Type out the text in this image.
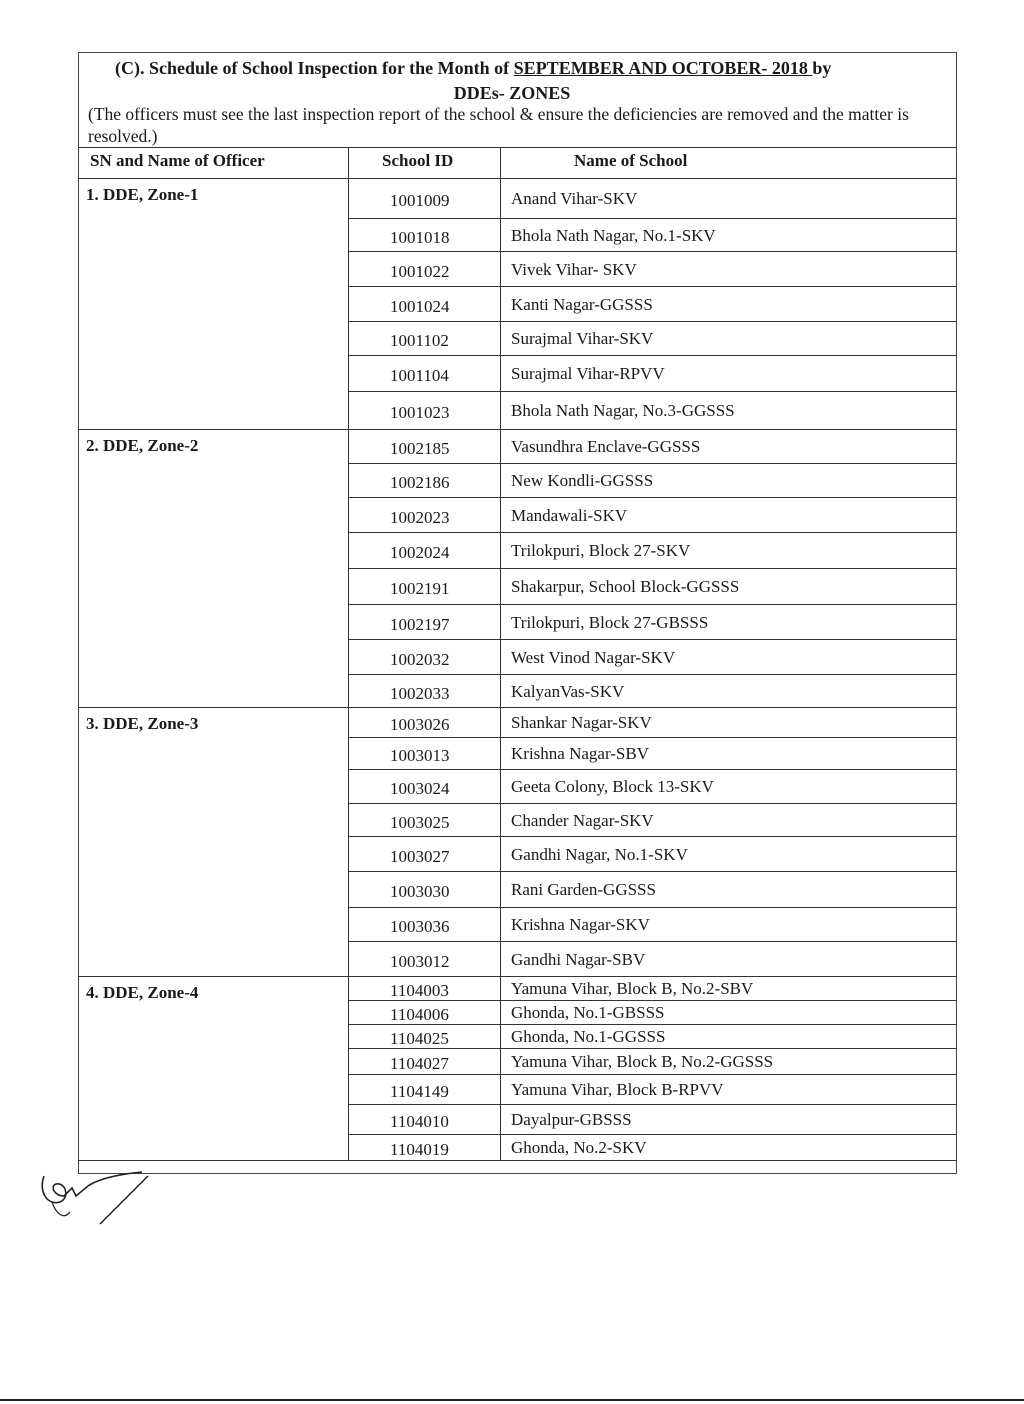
(C). Schedule of School Inspection for the Month of SEPTEMBER AND OCTOBER- 2018 by
DDEs- ZONES
(The officers must see the last inspection report of the school & ensure the deficiencies are removed and the matter is resolved.)
SN and Name of Officer	School ID	Name of School
1. DDE, Zone-1	1001009	Anand Vihar-SKV
1001018	Bhola Nath Nagar, No.1-SKV
1001022	Vivek Vihar- SKV
1001024	Kanti Nagar-GGSSS
1001102	Surajmal Vihar-SKV
1001104	Surajmal Vihar-RPVV
1001023	Bhola Nath Nagar, No.3-GGSSS
2. DDE, Zone-2	1002185	Vasundhra Enclave-GGSSS
1002186	New Kondli-GGSSS
1002023	Mandawali-SKV
1002024	Trilokpuri, Block 27-SKV
1002191	Shakarpur, School Block-GGSSS
1002197	Trilokpuri, Block 27-GBSSS
1002032	West Vinod Nagar-SKV
1002033	KalyanVas-SKV
3. DDE, Zone-3	1003026	Shankar Nagar-SKV
1003013	Krishna Nagar-SBV
1003024	Geeta Colony, Block 13-SKV
1003025	Chander Nagar-SKV
1003027	Gandhi Nagar, No.1-SKV
1003030	Rani Garden-GGSSS
1003036	Krishna Nagar-SKV
1003012	Gandhi Nagar-SBV
4. DDE, Zone-4	1104003	Yamuna Vihar, Block B, No.2-SBV
1104006	Ghonda, No.1-GBSSS
1104025	Ghonda, No.1-GGSSS
1104027	Yamuna Vihar, Block B, No.2-GGSSS
1104149	Yamuna Vihar, Block B-RPVV
1104010	Dayalpur-GBSSS
1104019	Ghonda, No.2-SKV
